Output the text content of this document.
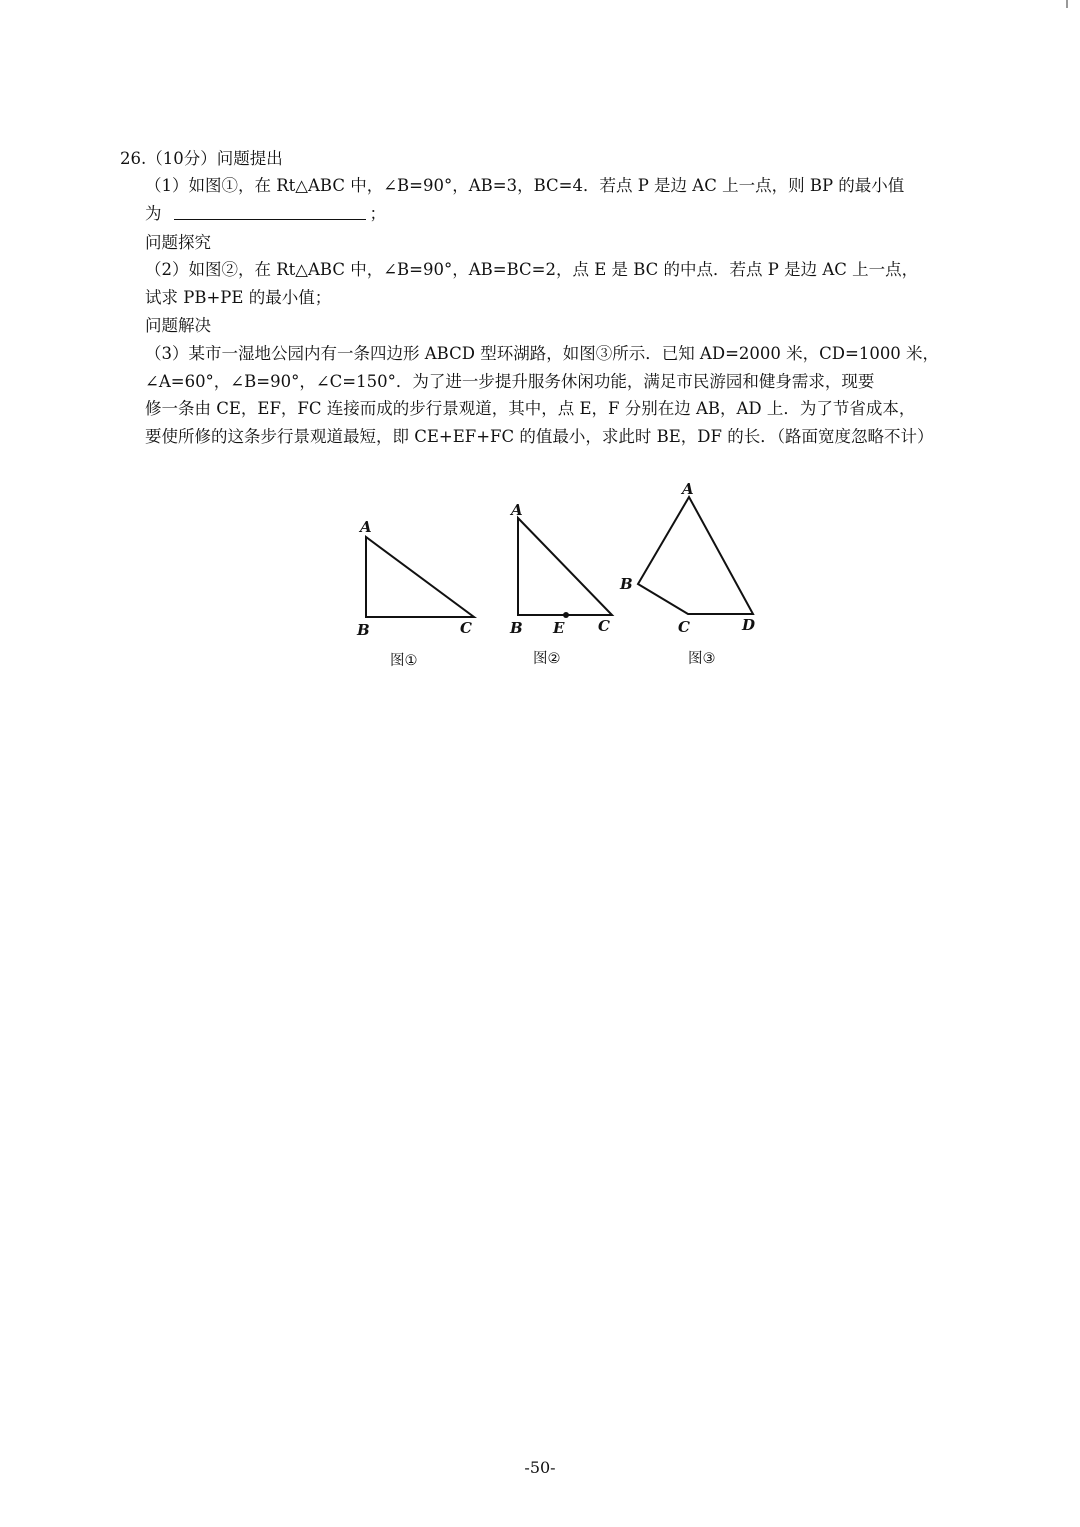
26.（10分）问题提出
（1）如图①，在 Rt△ABC 中，∠B=90°，AB=3，BC=4．若点 P 是边 AC 上一点，则 BP 的最小值
为	；
问题探究
（2）如图②，在 Rt△ABC 中，∠B=90°，AB=BC=2，点 E 是 BC 的中点．若点 P 是边 AC 上一点，
试求 PB+PE 的最小值；
问题解决
（3）某市一湿地公园内有一条四边形 ABCD 型环湖路，如图③所示．已知 AD=2000 米，CD=1000 米，
∠A=60°，∠B=90°，∠C=150°．为了进一步提升服务休闲功能，满足市民游园和健身需求，现要
修一条由 CE，EF，FC 连接而成的步行景观道，其中，点 E，F 分别在边 AB，AD 上．为了节省成本，
要使所修的这条步行景观道最短，即 CE+EF+FC 的值最小，求此时 BE，DF 的长．（路面宽度忽略不计）
A
B	C
图①
A
B E C
图②
A
B
C	D
图③
-50-
